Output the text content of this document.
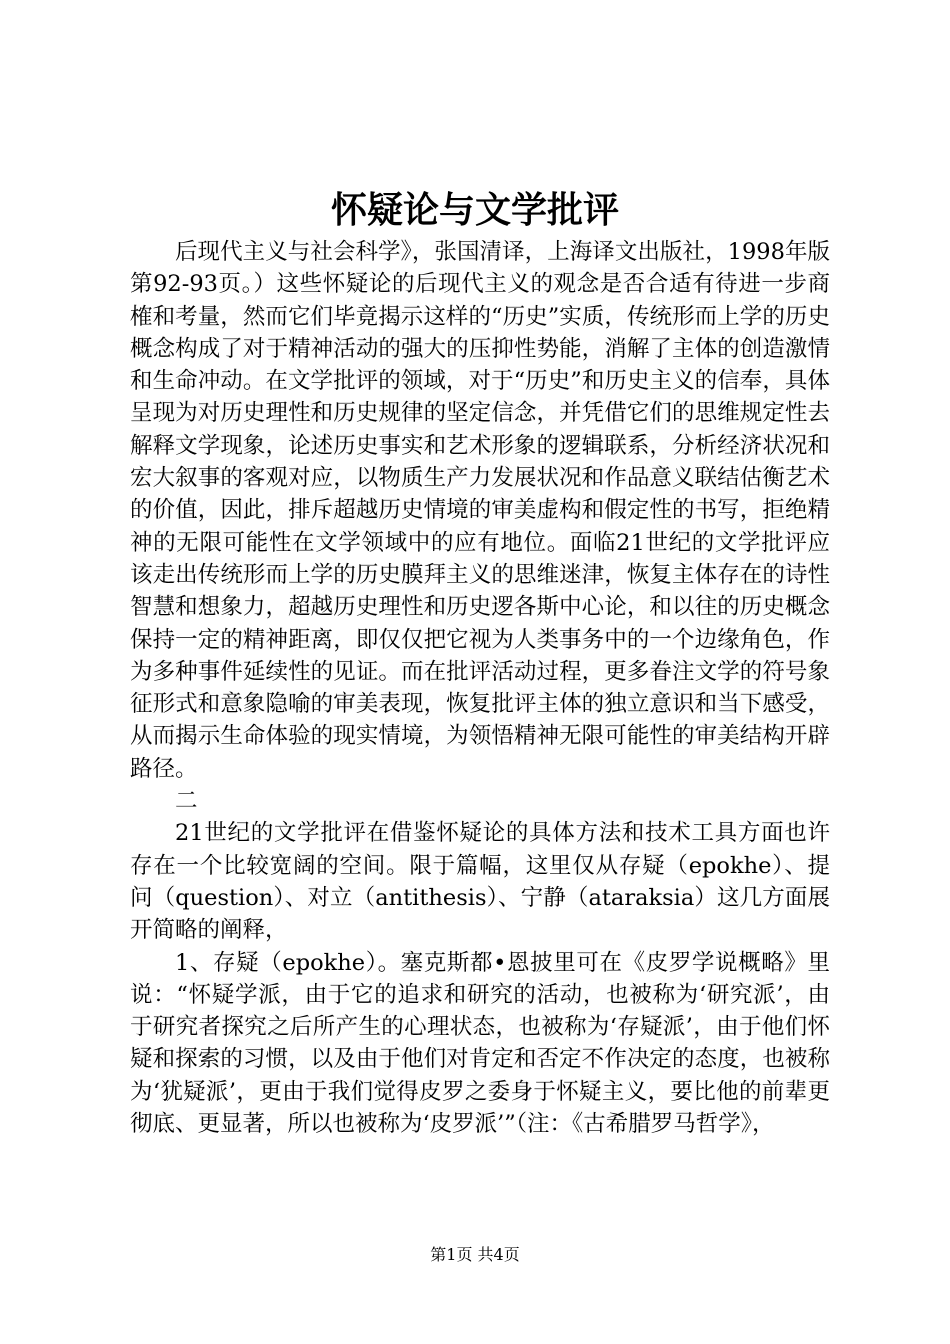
怀疑论与文学批评

后现代主义与社会科学》，张国清译，上海译文出版社，1998年版第92-93页。）这些怀疑论的后现代主义的观念是否合适有待进一步商榷和考量，然而它们毕竟揭示这样的“历史”实质，传统形而上学的历史概念构成了对于精神活动的强大的压抑性势能，消解了主体的创造激情和生命冲动。在文学批评的领域，对于“历史”和历史主义的信奉，具体呈现为对历史理性和历史规律的坚定信念，并凭借它们的思维规定性去解释文学现象，论述历史事实和艺术形象的逻辑联系，分析经济状况和宏大叙事的客观对应，以物质生产力发展状况和作品意义联结估衡艺术的价值，因此，排斥超越历史情境的审美虚构和假定性的书写，拒绝精神的无限可能性在文学领域中的应有地位。面临21世纪的文学批评应该走出传统形而上学的历史膜拜主义的思维迷津，恢复主体存在的诗性智慧和想象力，超越历史理性和历史逻各斯中心论，和以往的历史概念保持一定的精神距离，即仅仅把它视为人类事务中的一个边缘角色，作为多种事件延续性的见证。而在批评活动过程，更多眷注文学的符号象征形式和意象隐喻的审美表现，恢复批评主体的独立意识和当下感受，从而揭示生命体验的现实情境，为领悟精神无限可能性的审美结构开辟路径。

二

21世纪的文学批评在借鉴怀疑论的具体方法和技术工具方面也许存在一个比较宽阔的空间。限于篇幅，这里仅从存疑（epokhe）、提问（question）、对立（antithesis）、宁静（ataraksia）这几方面展开简略的阐释，

1、存疑（epokhe）。塞克斯都•恩披里可在《皮罗学说概略》里说：“怀疑学派，由于它的追求和研究的活动，也被称为‘研究派’，由于研究者探究之后所产生的心理状态，也被称为‘存疑派’，由于他们怀疑和探索的习惯，以及由于他们对肯定和否定不作决定的态度，也被称为‘犹疑派’，更由于我们觉得皮罗之委身于怀疑主义，要比他的前辈更彻底、更显著，所以也被称为‘皮罗派’”（注：《古希腊罗马哲学》，

第1页 共4页
